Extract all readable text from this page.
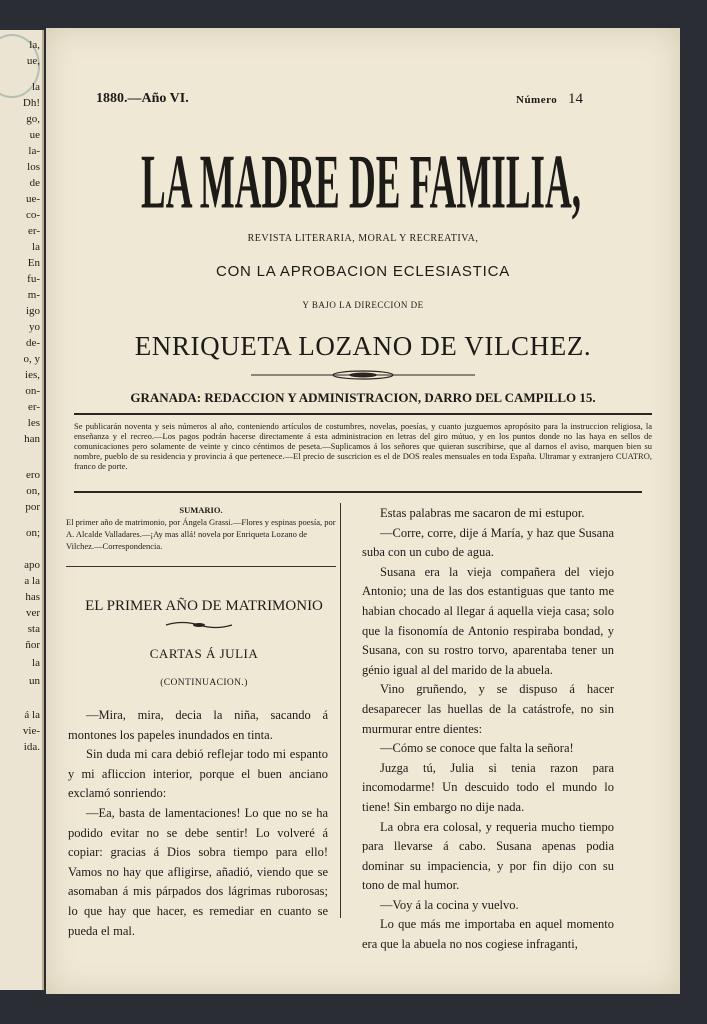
la,
ue,
la
Dh!
go,
ue
la-
los
de
ue-
co-
er-
la
En
fu-
m-
igo
yo
de-
o, y
ies,
on-
er-
les
han
ero
on,
por
on;
apo
a la
has
ver
sta
ñor
la
un
á la
vie-
ida.
1880.—Año VI.	Número 14
LA MADRE DE FAMILIA,
REVISTA LITERARIA, MORAL Y RECREATIVA,
CON LA APROBACION ECLESIASTICA
Y BAJO LA DIRECCION DE
ENRIQUETA LOZANO DE VILCHEZ.
GRANADA: REDACCION Y ADMINISTRACION, DARRO DEL CAMPILLO 15.
Se publicarán noventa y seis números al año, conteniendo artículos de costumbres, novelas, poesías, y cuanto juzguemos apropósito para la instruccion religiosa, la enseñanza y el recreo.—Los pagos podrán hacerse directamente á esta administracion en letras del giro mútuo, y en los puntos donde no las haya en sellos de comunicaciones pero solamente de veinte y cinco céntimos de peseta.—Suplicamos á los señores que quieran suscribirse, que al darnos el aviso, marquen bien su nombre, pueblo de su residencia y provincia á que pertenece.—El precio de suscricion es el de DOS reales mensuales en toda España. Ultramar y extranjero CUATRO, franco de porte.
SUMARIO.
El primer año de matrimonio, por Ángela Grassi.—Flores y espinas poesía, por A. Alcalde Valladares.—¡Ay mas allá! novela por Enriqueta Lozano de Vilchez.—Correspondencia.
EL PRIMER AÑO DE MATRIMONIO
CARTAS Á JULIA
(CONTINUACION.)

—Mira, mira, decia la niña, sacando á montones los papeles inundados en tinta.

Sin duda mi cara debió reflejar todo mi espanto y mi afliccion interior, porque el buen anciano exclamó sonriendo:

—Ea, basta de lamentaciones! Lo que no se ha podido evitar no se debe sentir! Lo volveré á copiar: gracias á Dios sobra tiempo para ello! Vamos no hay que afligirse, añadió, viendo que se asomaban á mis párpados dos lágrimas ruborosas; lo que hay que hacer, es remediar en cuanto se pueda el mal.

Estas palabras me sacaron de mi estupor.

—Corre, corre, dije á María, y haz que Susana suba con un cubo de agua.

Susana era la vieja compañera del viejo Antonio; una de las dos estantiguas que tanto me habian chocado al llegar á aquella vieja casa; solo que la fisonomía de Antonio respiraba bondad, y Susana, con su rostro torvo, aparentaba tener un génio igual al del marido de la abuela.

Vino gruñendo, y se dispuso á hacer desaparecer las huellas de la catástrofe, no sin murmurar entre dientes:

—Cómo se conoce que falta la señora!

Juzga tú, Julia si tenia razon para incomodarme! Un descuido todo el mundo lo tiene! Sin embargo no dije nada.

La obra era colosal, y requeria mucho tiempo para llevarse á cabo. Susana apenas podia dominar su impaciencia, y por fin dijo con su tono de mal humor.

—Voy á la cocina y vuelvo.

Lo que más me importaba en aquel momento era que la abuela no nos cogiese infraganti,
